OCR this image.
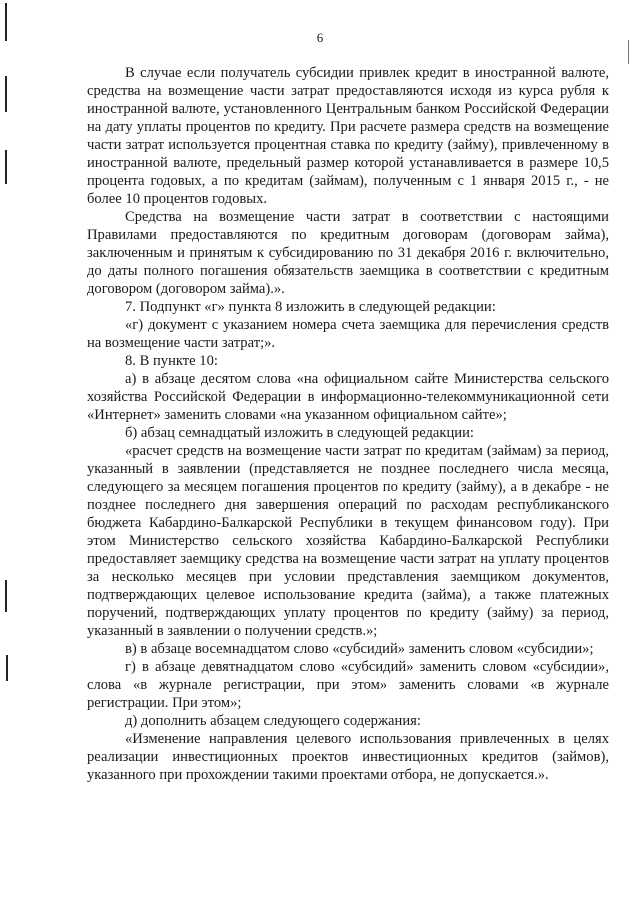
6

В случае если получатель субсидии привлек кредит в иностранной валюте, средства на возмещение части затрат предоставляются исходя из курса рубля к иностранной валюте, установленного Центральным банком Российской Федерации на дату уплаты процентов по кредиту. При расчете размера средств на возмещение части затрат используется процентная ставка по кредиту (займу), привлеченному в иностранной валюте, предельный размер которой устанавливается в размере 10,5 процента годовых, а по кредитам (займам), полученным с 1 января 2015 г., - не более 10 процентов годовых.

Средства на возмещение части затрат в соответствии с настоящими Правилами предоставляются по кредитным договорам (договорам займа), заключенным и принятым к субсидированию по 31 декабря 2016 г. включительно, до даты полного погашения обязательств заемщика в соответствии с кредитным договором (договором займа).».

7. Подпункт «г» пункта 8 изложить в следующей редакции:

«г) документ с указанием номера счета заемщика для перечисления средств на возмещение части затрат;».

8. В пункте 10:

а) в абзаце десятом слова «на официальном сайте Министерства сельского хозяйства Российской Федерации в информационно-телекоммуникационной сети «Интернет» заменить словами «на указанном официальном сайте»;

б) абзац семнадцатый изложить в следующей редакции:

«расчет средств на возмещение части затрат по кредитам (займам) за период, указанный в заявлении (представляется не позднее последнего числа месяца, следующего за месяцем погашения процентов по кредиту (займу), а в декабре - не позднее последнего дня завершения операций по расходам республиканского бюджета Кабардино-Балкарской Республики в текущем финансовом году). При этом Министерство сельского хозяйства Кабардино-Балкарской Республики предоставляет заемщику средства на возмещение части затрат на уплату процентов за несколько месяцев при условии представления заемщиком документов, подтверждающих целевое использование кредита (займа), а также платежных поручений, подтверждающих уплату процентов по кредиту (займу) за период, указанный в заявлении о получении средств.»;

в) в абзаце восемнадцатом слово «субсидий» заменить словом «субсидии»;

г) в абзаце девятнадцатом слово «субсидий» заменить словом «субсидии», слова «в журнале регистрации, при этом» заменить словами «в журнале регистрации. При этом»;

д) дополнить абзацем следующего содержания:

«Изменение направления целевого использования привлеченных в целях реализации инвестиционных проектов инвестиционных кредитов (займов), указанного при прохождении такими проектами отбора, не допускается.».
